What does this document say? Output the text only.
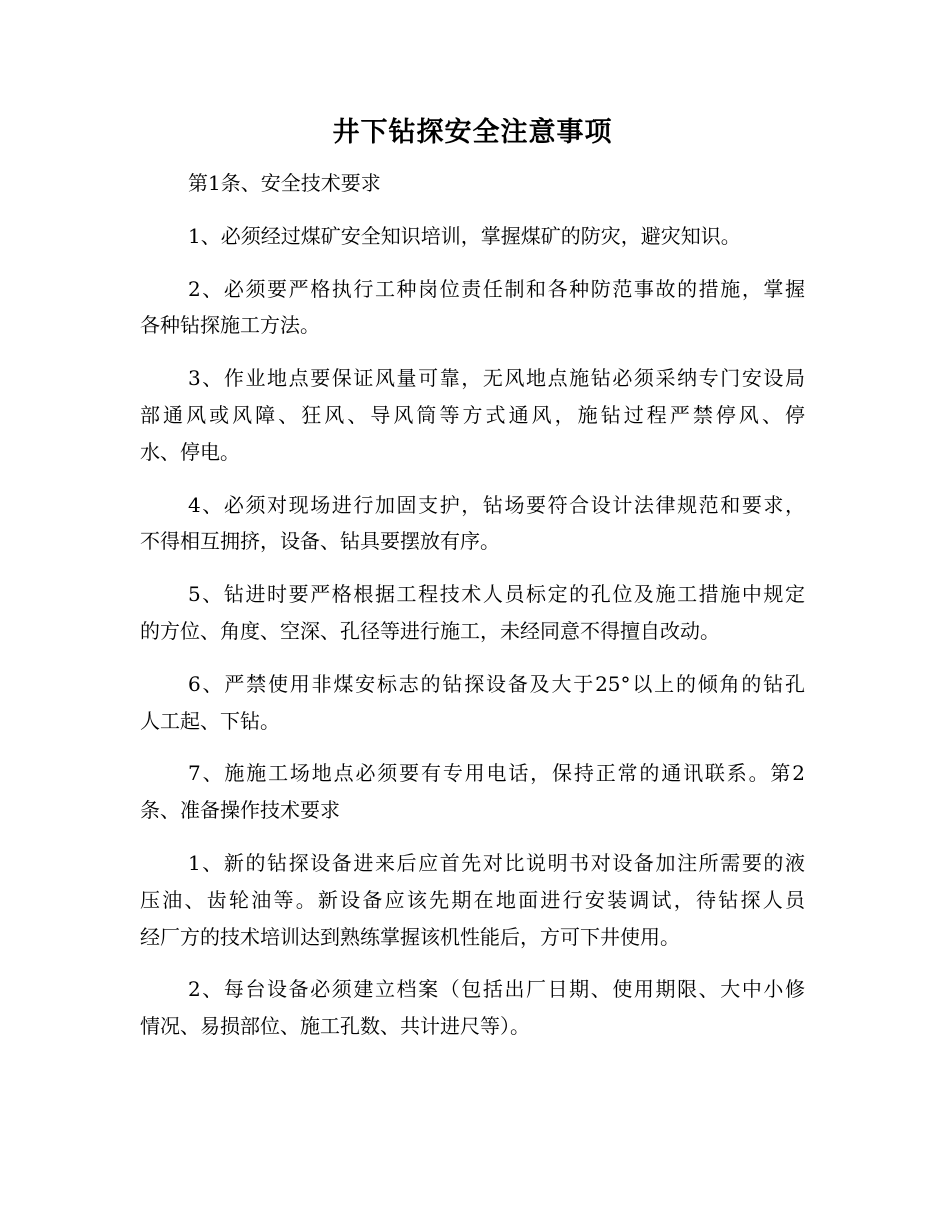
井下钻探安全注意事项
第1条、安全技术要求
1、必须经过煤矿安全知识培训，掌握煤矿的防灾，避灾知识。
2、必须要严格执行工种岗位责任制和各种防范事故的措施，掌握
各种钻探施工方法。
3、作业地点要保证风量可靠，无风地点施钻必须采纳专门安设局
部通风或风障、狂风、导风筒等方式通风，施钻过程严禁停风、停
水、停电。
4、必须对现场进行加固支护，钻场要符合设计法律规范和要求，
不得相互拥挤，设备、钻具要摆放有序。
5、钻进时要严格根据工程技术人员标定的孔位及施工措施中规定
的方位、角度、空深、孔径等进行施工，未经同意不得擅自改动。
6、严禁使用非煤安标志的钻探设备及大于25°以上的倾角的钻孔
人工起、下钻。
7、施施工场地点必须要有专用电话，保持正常的通讯联系。第2
条、准备操作技术要求
1、新的钻探设备进来后应首先对比说明书对设备加注所需要的液
压油、齿轮油等。新设备应该先期在地面进行安装调试，待钻探人员
经厂方的技术培训达到熟练掌握该机性能后，方可下井使用。
2、每台设备必须建立档案（包括出厂日期、使用期限、大中小修
情况、易损部位、施工孔数、共计进尺等）。
